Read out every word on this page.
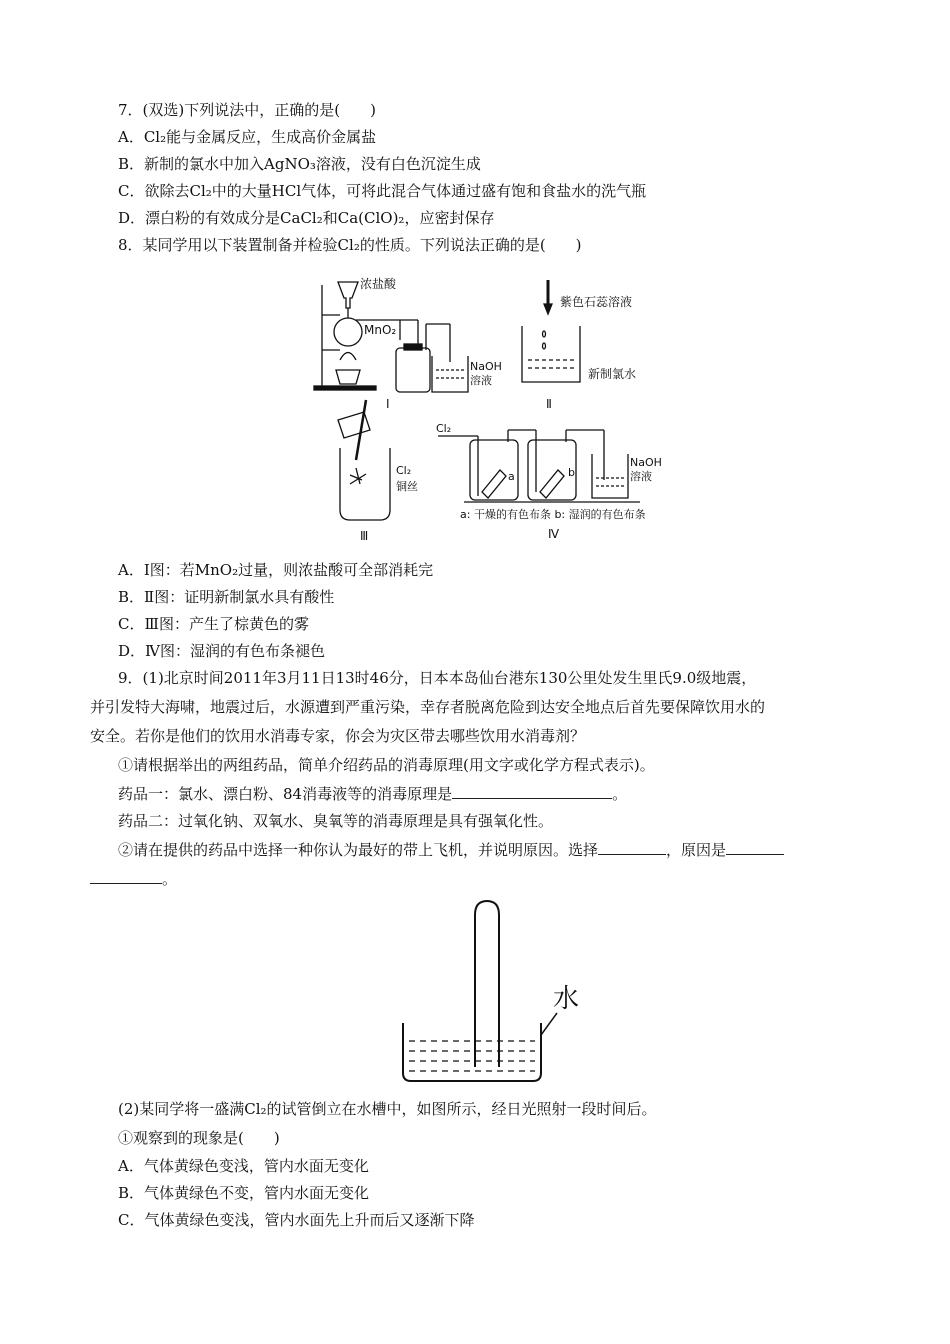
7．(双选)下列说法中，正确的是(　　)
A．Cl₂能与金属反应，生成高价金属盐
B．新制的氯水中加入AgNO₃溶液，没有白色沉淀生成
C．欲除去Cl₂中的大量HCl气体，可将此混合气体通过盛有饱和食盐水的洗气瓶
D．漂白粉的有效成分是CaCl₂和Ca(ClO)₂，应密封保存
8．某同学用以下装置制备并检验Cl₂的性质。下列说法正确的是(　　)
浓盐酸
MnO₂
NaOH
溶液
Ⅰ
紫色石蕊溶液
新制氯水
Ⅱ
Cl₂
铜丝
Ⅲ
Cl₂
a	b
NaOH
溶液
a: 干燥的有色布条 b: 湿润的有色布条
Ⅳ
A．Ⅰ图：若MnO₂过量，则浓盐酸可全部消耗完
B．Ⅱ图：证明新制氯水具有酸性
C．Ⅲ图：产生了棕黄色的雾
D．Ⅳ图：湿润的有色布条褪色
9．(1)北京时间2011年3月11日13时46分，日本本岛仙台港东130公里处发生里氏9.0级地震，
并引发特大海啸，地震过后，水源遭到严重污染，幸存者脱离危险到达安全地点后首先要保障饮用水的
安全。若你是他们的饮用水消毒专家，你会为灾区带去哪些饮用水消毒剂？
①请根据举出的两组药品，简单介绍药品的消毒原理(用文字或化学方程式表示)。
药品一：氯水、漂白粉、84消毒液等的消毒原理是	。
药品二：过氧化钠、双氧水、臭氧等的消毒原理是具有强氧化性。
②请在提供的药品中选择一种你认为最好的带上飞机，并说明原因。选择	，原因是
。
水
(2)某同学将一盛满Cl₂的试管倒立在水槽中，如图所示，经日光照射一段时间后。
①观察到的现象是(　　)
A．气体黄绿色变浅，管内水面无变化
B．气体黄绿色不变，管内水面无变化
C．气体黄绿色变浅，管内水面先上升而后又逐渐下降
